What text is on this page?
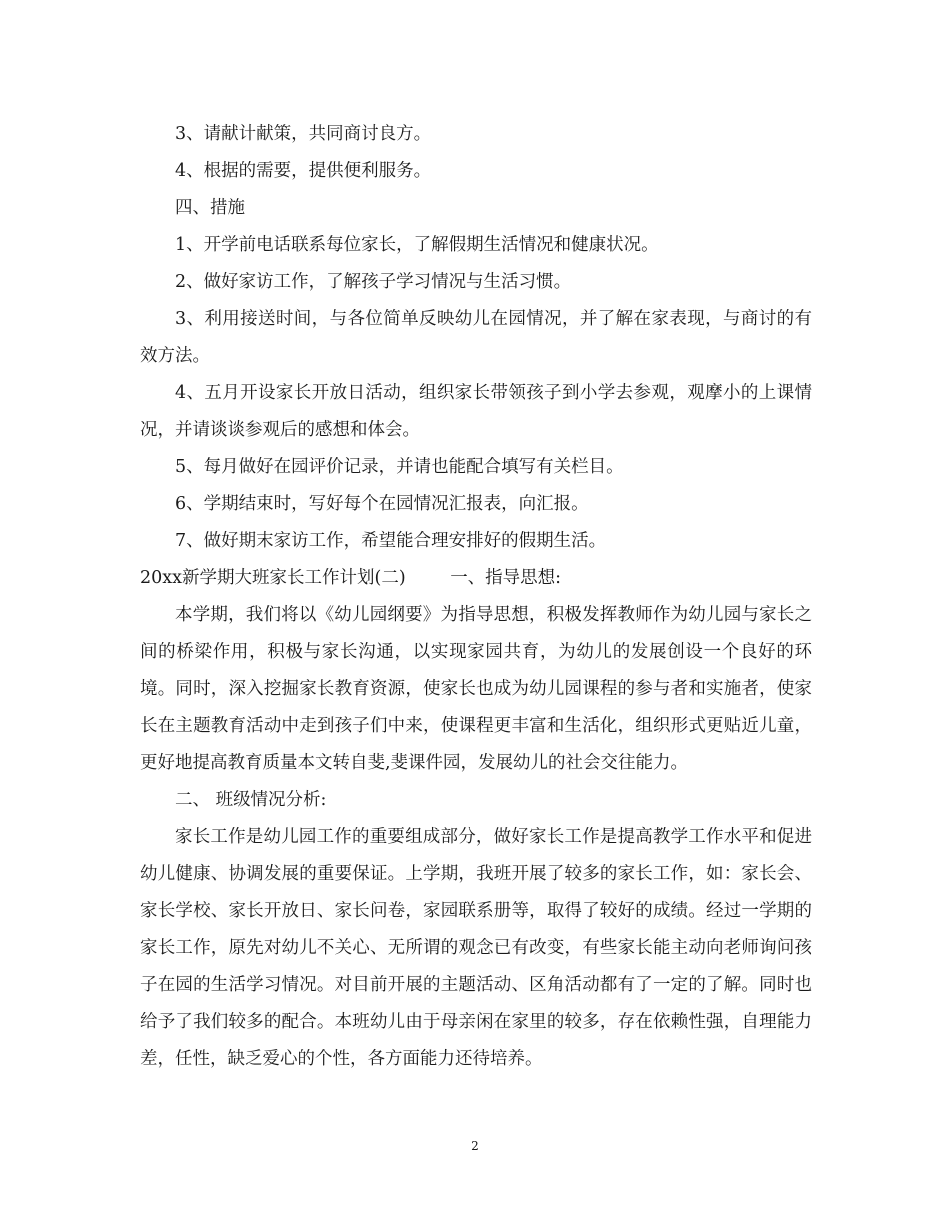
3、请献计献策，共同商讨良方。

4、根据的需要，提供便利服务。

四、措施

1、开学前电话联系每位家长，了解假期生活情况和健康状况。

2、做好家访工作，了解孩子学习情况与生活习惯。

3、利用接送时间，与各位简单反映幼儿在园情况，并了解在家表现，与商讨的有效方法。

4、五月开设家长开放日活动，组织家长带领孩子到小学去参观，观摩小的上课情况，并请谈谈参观后的感想和体会。

5、每月做好在园评价记录，并请也能配合填写有关栏目。

6、学期结束时，写好每个在园情况汇报表，向汇报。

7、做好期末家访工作，希望能合理安排好的假期生活。

20xx新学期大班家长工作计划(二)	一、指导思想:

本学期，我们将以《幼儿园纲要》为指导思想，积极发挥教师作为幼儿园与家长之间的桥梁作用，积极与家长沟通，以实现家园共育，为幼儿的发展创设一个良好的环境。同时，深入挖掘家长教育资源，使家长也成为幼儿园课程的参与者和实施者，使家长在主题教育活动中走到孩子们中来，使课程更丰富和生活化，组织形式更贴近儿童，更好地提高教育质量本文转自斐,斐课件园，发展幼儿的社会交往能力。

二、 班级情况分析:

家长工作是幼儿园工作的重要组成部分，做好家长工作是提高教学工作水平和促进幼儿健康、协调发展的重要保证。上学期，我班开展了较多的家长工作，如：家长会、家长学校、家长开放日、家长问卷，家园联系册等，取得了较好的成绩。经过一学期的家长工作，原先对幼儿不关心、无所谓的观念已有改变，有些家长能主动向老师询问孩子在园的生活学习情况。对目前开展的主题活动、区角活动都有了一定的了解。同时也给予了我们较多的配合。本班幼儿由于母亲闲在家里的较多，存在依赖性强，自理能力差，任性，缺乏爱心的个性，各方面能力还待培养。

2
